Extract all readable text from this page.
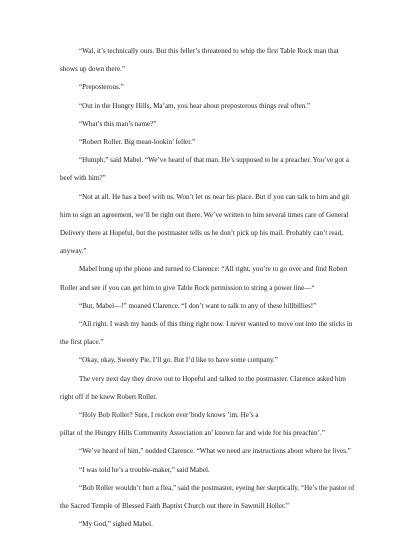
“Wal, it’s technically ours. But this feller’s threatened to whip the first Table Rock man that
shows up down there.”
“Preposterous.”
“Out in the Hungry Hills, Ma’am, you hear about preposterous things real often.”
“What’s this man’s name?”
“Robert Roller. Big mean-lookin’ feller.”
“Humph,” said Mabel. “We’ve heard of that man. He’s supposed to be a preacher. You’ve got a
beef with him?”
“Not at all. He has a beef with us. Won’t let us near his place. But if you can talk to him and git
him to sign an agreement, we’ll be right out there. We’ve written to him several times care of General
Delivery there at Hopeful, but the postmaster tells us he don’t pick up his mail. Probably can’t read,
anyway.”
Mabel hung up the phone and turned to Clarence: “All right, you’re to go over and find Robert
Roller and see if you can get him to give Table Rock permission to string a power line—“
“But, Mabel—!” moaned Clarence. “I don’t want to talk to any of these hillbillies!”
“All right. I wash my hands of this thing right now. I never wanted to move out into the sticks in
the first place.”
“Okay, okay, Sweety Pie, I’ll go. But I’d like to have some company.”
The very next day they drove out to Hopeful and talked to the postmaster. Clarence asked him
right off if he knew Robert Roller.
“Holy Bob Roller? Sure, I reckon ever’body knows ’im. He’s a
pillar of the Hungry Hills Community Association an’ known far and wide for his preachin’.”
“We’ve heard of him,” nodded Clarence. “What we need are instructions about where he lives.”
“I was told he’s a trouble-maker,” said Mabel.
“Bob Roller wouldn’t hurt a flea,” said the postmaster, eyeing her skeptically. “He’s the pastor of
the Sacred Temple of Blessed Faith Baptist Church out there in Sawmill Holler.”
“My God,” sighed Mabel.
